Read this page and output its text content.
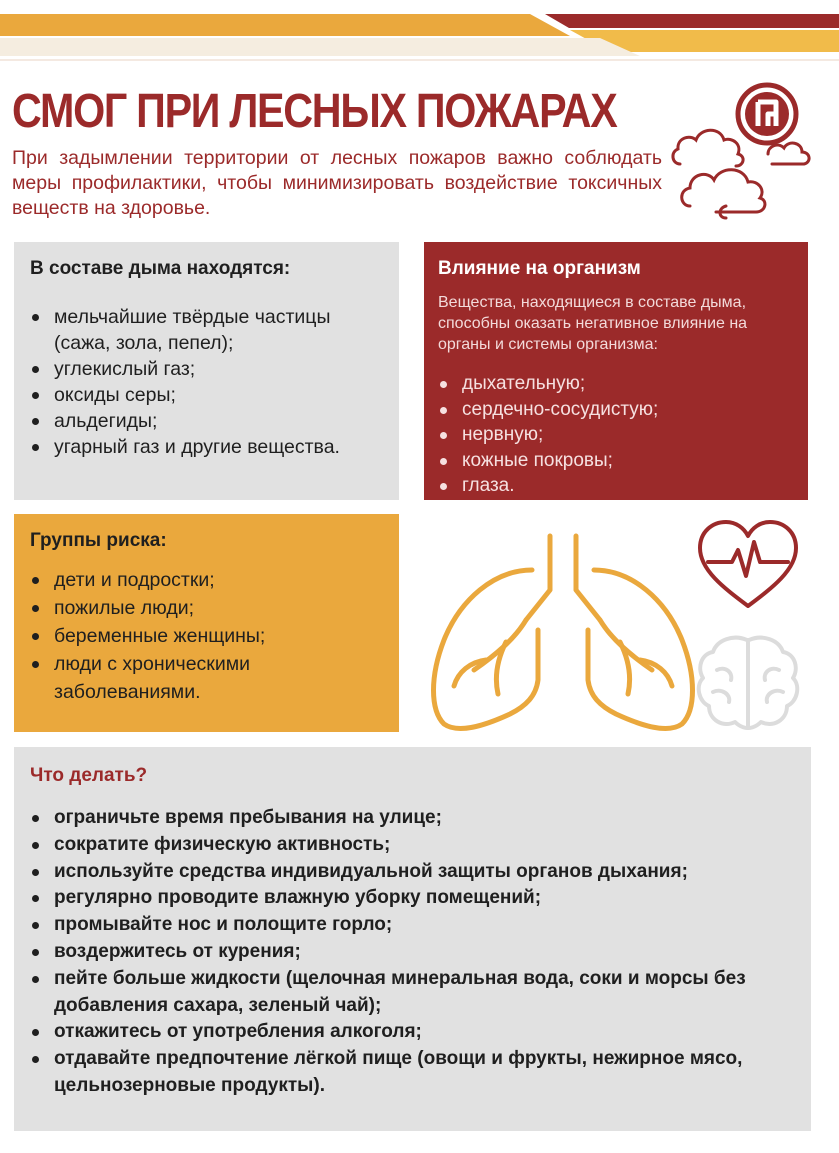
СМОГ ПРИ ЛЕСНЫХ ПОЖАРАХ

При задымлении территории от лесных пожаров важно соблюдать меры профилактики, чтобы минимизировать воздействие токсичных веществ на здоровье.

В составе дыма находятся:
мельчайшие твёрдые частицы (сажа, зола, пепел);
углекислый газ;
оксиды серы;
альдегиды;
угарный газ и другие вещества.
Влияние на организм
Вещества, находящиеся в составе дыма, способны оказать негативное влияние на органы и системы организма:
дыхательную;
сердечно-сосудистую;
нервную;
кожные покровы;
глаза.
Группы риска:
дети и подростки;
пожилые люди;
беременные женщины;
люди с хроническими заболеваниями.
Что делать?
ограничьте время пребывания на улице;
сократите физическую активность;
используйте средства индивидуальной защиты органов дыхания;
регулярно проводите влажную уборку помещений;
промывайте нос и полощите горло;
воздержитесь от курения;
пейте больше жидкости (щелочная минеральная вода, соки и морсы без добавления сахара, зеленый чай);
откажитесь от употребления алкоголя;
отдавайте предпочтение лёгкой пище (овощи и фрукты, нежирное мясо, цельнозерновые продукты).
